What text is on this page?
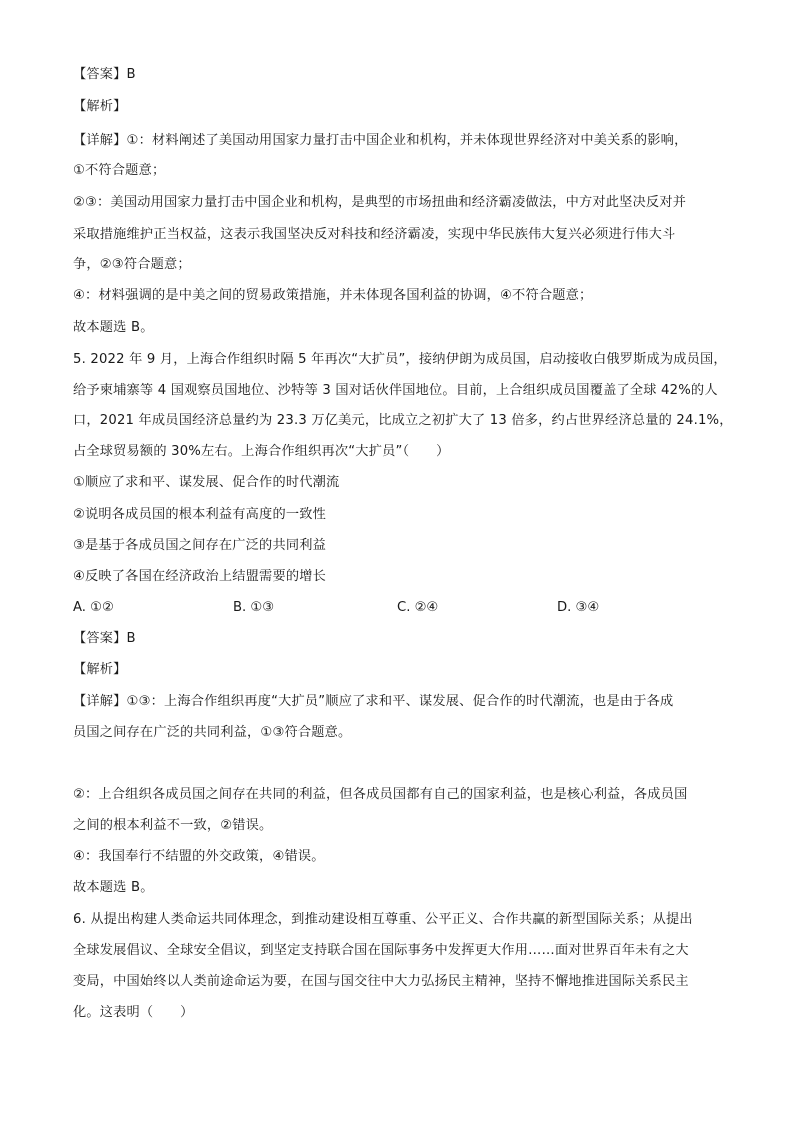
【答案】B
【解析】
【详解】①：材料阐述了美国动用国家力量打击中国企业和机构，并未体现世界经济对中美关系的影响，
①不符合题意；
②③：美国动用国家力量打击中国企业和机构，是典型的市场扭曲和经济霸凌做法，中方对此坚决反对并
采取措施维护正当权益，这表示我国坚决反对科技和经济霸凌，实现中华民族伟大复兴必须进行伟大斗
争，②③符合题意；
④：材料强调的是中美之间的贸易政策措施，并未体现各国利益的协调，④不符合题意；
故本题选 B。
5. 2022 年 9 月，上海合作组织时隔 5 年再次“大扩员”，接纳伊朗为成员国，启动接收白俄罗斯成为成员国，
给予柬埔寨等 4 国观察员国地位、沙特等 3 国对话伙伴国地位。目前，上合组织成员国覆盖了全球 42%的人
口，2021 年成员国经济总量约为 23.3 万亿美元，比成立之初扩大了 13 倍多，约占世界经济总量的 24.1%，
占全球贸易额的 30%左右。上海合作组织再次“大扩员”（　　）
①顺应了求和平、谋发展、促合作的时代潮流
②说明各成员国的根本利益有高度的一致性
③是基于各成员国之间存在广泛的共同利益
④反映了各国在经济政治上结盟需要的增长
A. ①②	B. ①③	C. ②④	D. ③④
【答案】B
【解析】
【详解】①③：上海合作组织再度“大扩员”顺应了求和平、谋发展、促合作的时代潮流，也是由于各成
员国之间存在广泛的共同利益，①③符合题意。
②：上合组织各成员国之间存在共同的利益，但各成员国都有自己的国家利益，也是核心利益，各成员国
之间的根本利益不一致，②错误。
④：我国奉行不结盟的外交政策，④错误。
故本题选 B。
6. 从提出构建人类命运共同体理念，到推动建设相互尊重、公平正义、合作共赢的新型国际关系；从提出
全球发展倡议、全球安全倡议，到坚定支持联合国在国际事务中发挥更大作用……面对世界百年未有之大
变局，中国始终以人类前途命运为要，在国与国交往中大力弘扬民主精神，坚持不懈地推进国际关系民主
化。这表明（　　）
